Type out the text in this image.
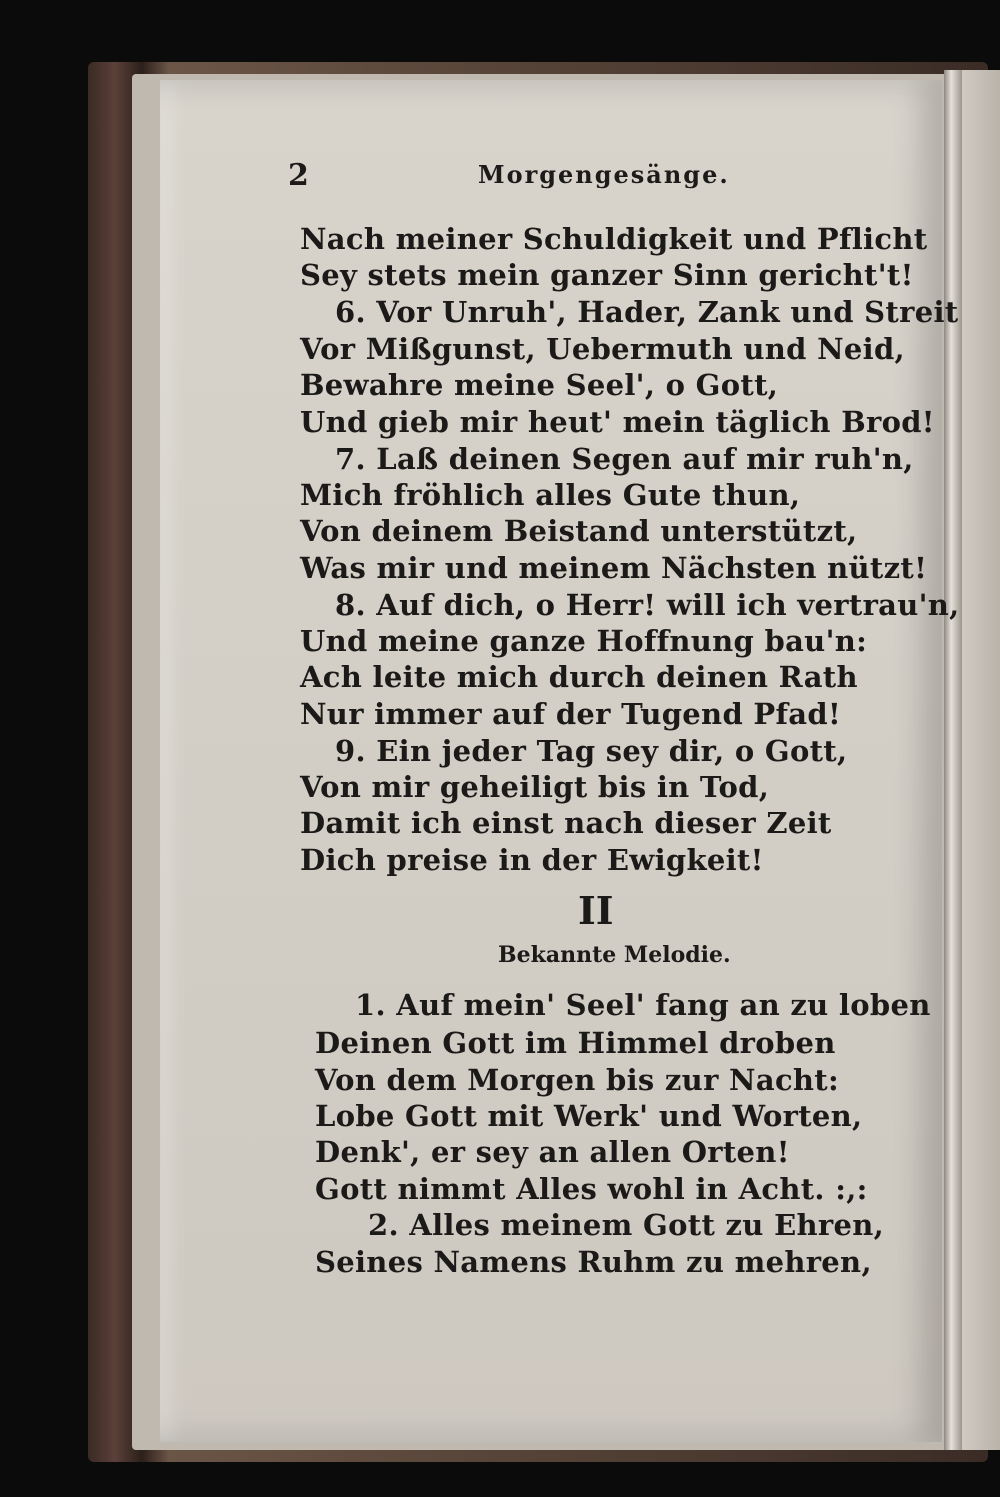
2	Morgengesänge.
Nach meiner Schuldigkeit und Pflicht
Sey stets mein ganzer Sinn gericht't!
6. Vor Unruh', Hader, Zank und Streit
Vor Mißgunst, Uebermuth und Neid,
Bewahre meine Seel', o Gott,
Und gieb mir heut' mein täglich Brod!
7. Laß deinen Segen auf mir ruh'n,
Mich fröhlich alles Gute thun,
Von deinem Beistand unterstützt,
Was mir und meinem Nächsten nützt!
8. Auf dich, o Herr! will ich vertrau'n,
Und meine ganze Hoffnung bau'n:
Ach leite mich durch deinen Rath
Nur immer auf der Tugend Pfad!
9. Ein jeder Tag sey dir, o Gott,
Von mir geheiligt bis in Tod,
Damit ich einst nach dieser Zeit
Dich preise in der Ewigkeit!
II
Bekannte Melodie.
1. Auf mein' Seel' fang an zu loben
Deinen Gott im Himmel droben
Von dem Morgen bis zur Nacht:
Lobe Gott mit Werk' und Worten,
Denk', er sey an allen Orten!
Gott nimmt Alles wohl in Acht. :,:
2. Alles meinem Gott zu Ehren,
Seines Namens Ruhm zu mehren,
